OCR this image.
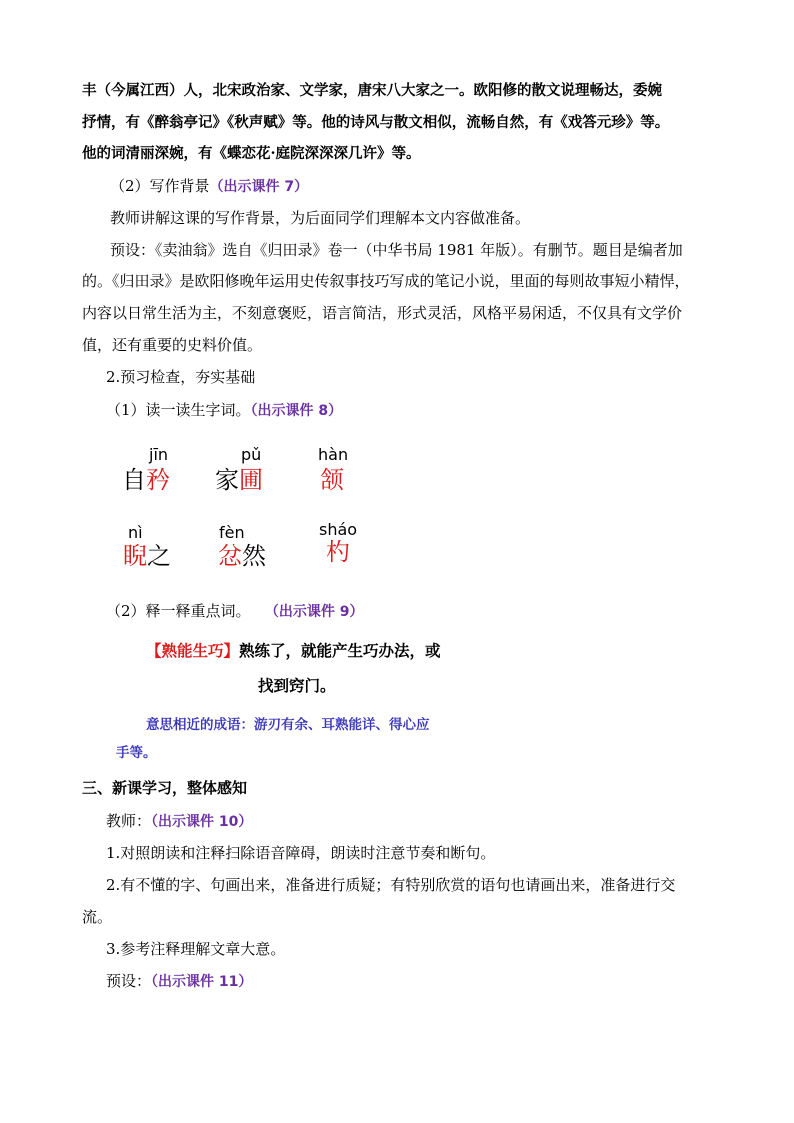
丰（今属江西）人，北宋政治家、文学家，唐宋八大家之一。欧阳修的散文说理畅达，委婉
抒情，有《醉翁亭记》《秋声赋》等。他的诗风与散文相似，流畅自然，有《戏答元珍》等。
他的词清丽深婉，有《蝶恋花·庭院深深深几许》等。
（2）写作背景（出示课件 7）
教师讲解这课的写作背景，为后面同学们理解本文内容做准备。
预设：《卖油翁》选自《归田录》卷一（中华书局 1981 年版）。有删节。题目是编者加
的。《归田录》是欧阳修晚年运用史传叙事技巧写成的笔记小说，里面的每则故事短小精悍，
内容以日常生活为主，不刻意褒贬，语言简洁，形式灵活，风格平易闲适，不仅具有文学价
值，还有重要的史料价值。
2.预习检查，夯实基础
（1）读一读生字词。（出示课件 8）
jīn
自矜
pǔ
家圃
hàn
颔
nì
睨之
fèn
忿然
sháo
杓
（2）释一释重点词。 （出示课件 9）
【熟能生巧】熟练了，就能产生巧办法，或
找到窍门。
意思相近的成语：游刃有余、耳熟能详、得心应
手等。
三、新课学习，整体感知
教师：（出示课件 10）
1.对照朗读和注释扫除语音障碍，朗读时注意节奏和断句。
2.有不懂的字、句画出来，准备进行质疑；有特别欣赏的语句也请画出来，准备进行交
流。
3.参考注释理解文章大意。
预设：（出示课件 11）
